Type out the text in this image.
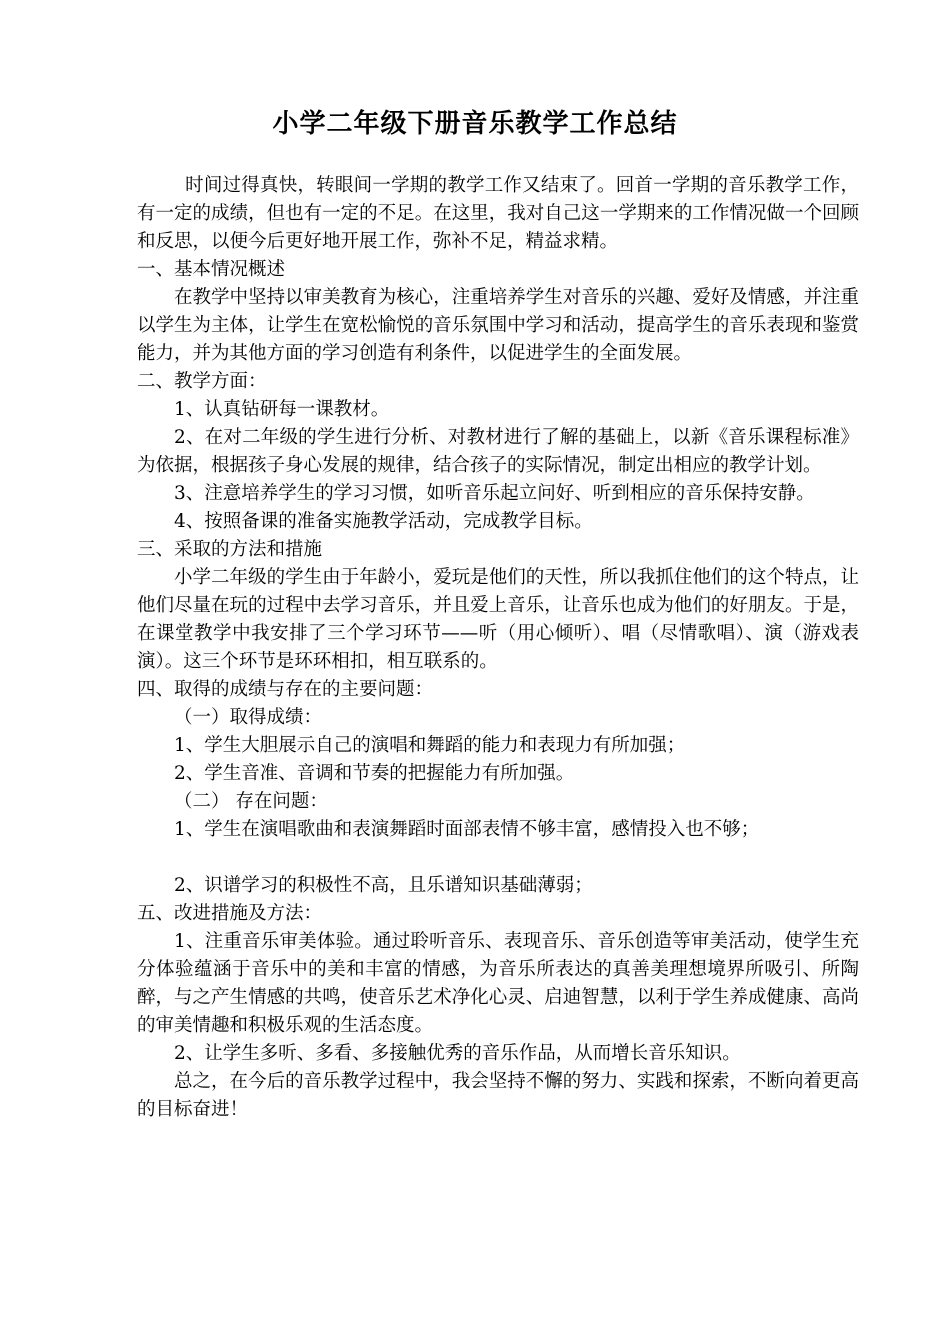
小学二年级下册音乐教学工作总结

时间过得真快，转眼间一学期的教学工作又结束了。回首一学期的音乐教学工作，有一定的成绩，但也有一定的不足。在这里，我对自己这一学期来的工作情况做一个回顾和反思，以便今后更好地开展工作，弥补不足，精益求精。

一、基本情况概述

在教学中坚持以审美教育为核心，注重培养学生对音乐的兴趣、爱好及情感，并注重以学生为主体，让学生在宽松愉悦的音乐氛围中学习和活动，提高学生的音乐表现和鉴赏能力，并为其他方面的学习创造有利条件，以促进学生的全面发展。

二、教学方面：

1、认真钻研每一课教材。

2、在对二年级的学生进行分析、对教材进行了解的基础上，以新《音乐课程标准》为依据，根据孩子身心发展的规律，结合孩子的实际情况，制定出相应的教学计划。

3、注意培养学生的学习习惯，如听音乐起立问好、听到相应的音乐保持安静。

4、按照备课的准备实施教学活动，完成教学目标。

三、采取的方法和措施

小学二年级的学生由于年龄小，爱玩是他们的天性，所以我抓住他们的这个特点，让他们尽量在玩的过程中去学习音乐，并且爱上音乐，让音乐也成为他们的好朋友。于是，在课堂教学中我安排了三个学习环节——听（用心倾听）、唱（尽情歌唱）、演（游戏表演）。这三个环节是环环相扣，相互联系的。

四、取得的成绩与存在的主要问题：

（一）取得成绩：

1、学生大胆展示自己的演唱和舞蹈的能力和表现力有所加强；

2、学生音准、音调和节奏的把握能力有所加强。

（二） 存在问题：

1、学生在演唱歌曲和表演舞蹈时面部表情不够丰富，感情投入也不够；

2、识谱学习的积极性不高，且乐谱知识基础薄弱；

五、改进措施及方法：

1、注重音乐审美体验。通过聆听音乐、表现音乐、音乐创造等审美活动，使学生充分体验蕴涵于音乐中的美和丰富的情感，为音乐所表达的真善美理想境界所吸引、所陶醉，与之产生情感的共鸣，使音乐艺术净化心灵、启迪智慧，以利于学生养成健康、高尚的审美情趣和积极乐观的生活态度。

2、让学生多听、多看、多接触优秀的音乐作品，从而增长音乐知识。

总之，在今后的音乐教学过程中，我会坚持不懈的努力、实践和探索，不断向着更高的目标奋进！
